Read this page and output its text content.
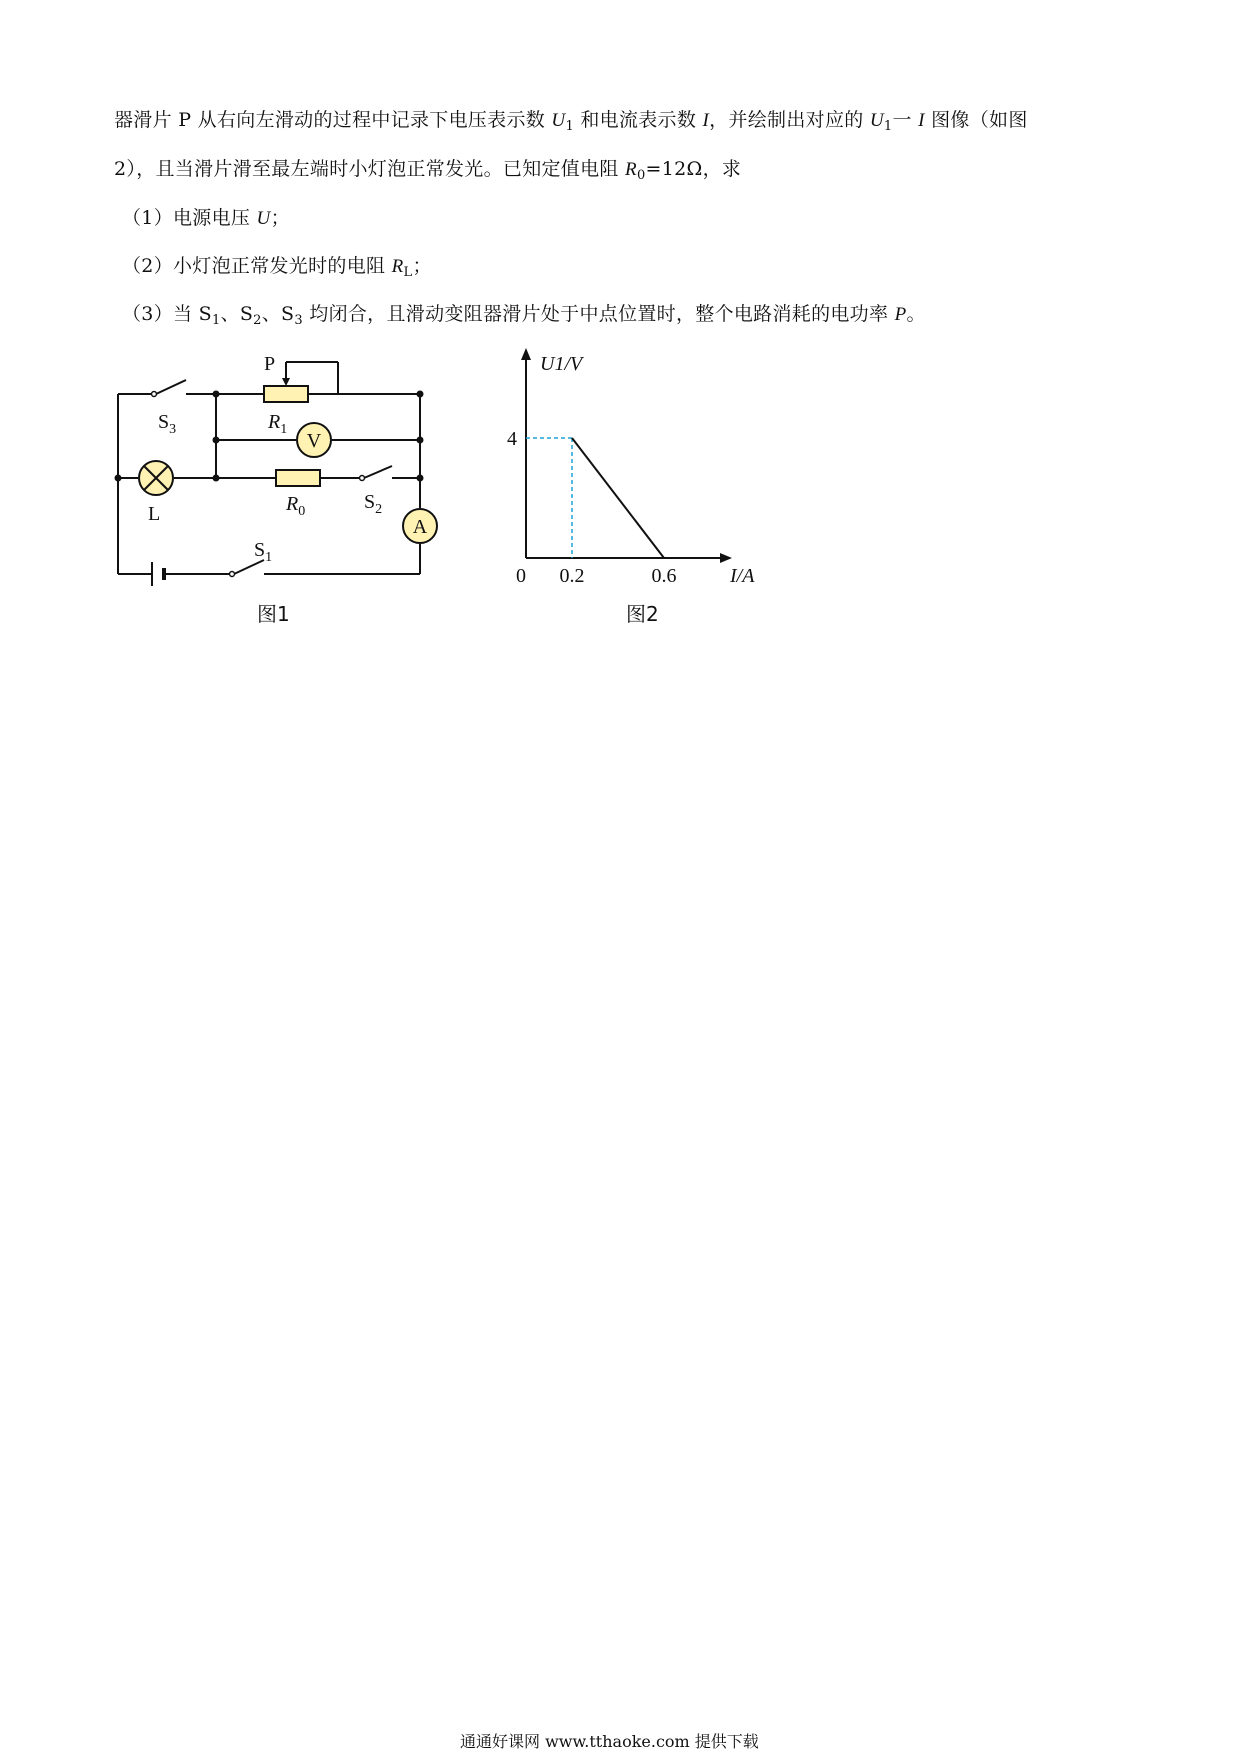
器滑片 P 从右向左滑动的过程中记录下电压表示数 $U_1$ 和电流表示数 I，并绘制出对应的 $U_1$一 I 图像（如图
2），且当滑片滑至最左端时小灯泡正常发光。已知定值电阻 $R_0=12\Omega$，求
（1）电源电压 U；
（2）小灯泡正常发光时的电阻 $R_L$；
（3）当 $S_1$、$S_2$、$S_3$ 均闭合，且滑动变阻器滑片处于中点位置时，整个电路消耗的电功率 P。
V
A
P
$R_1$
$S_3$
L	$R_0$	$S_2$
$S_1$
图1
0.2	0.6
4
U1/V
I/A
0
图2
通通好课网 www.tthaoke.com 提供下载
